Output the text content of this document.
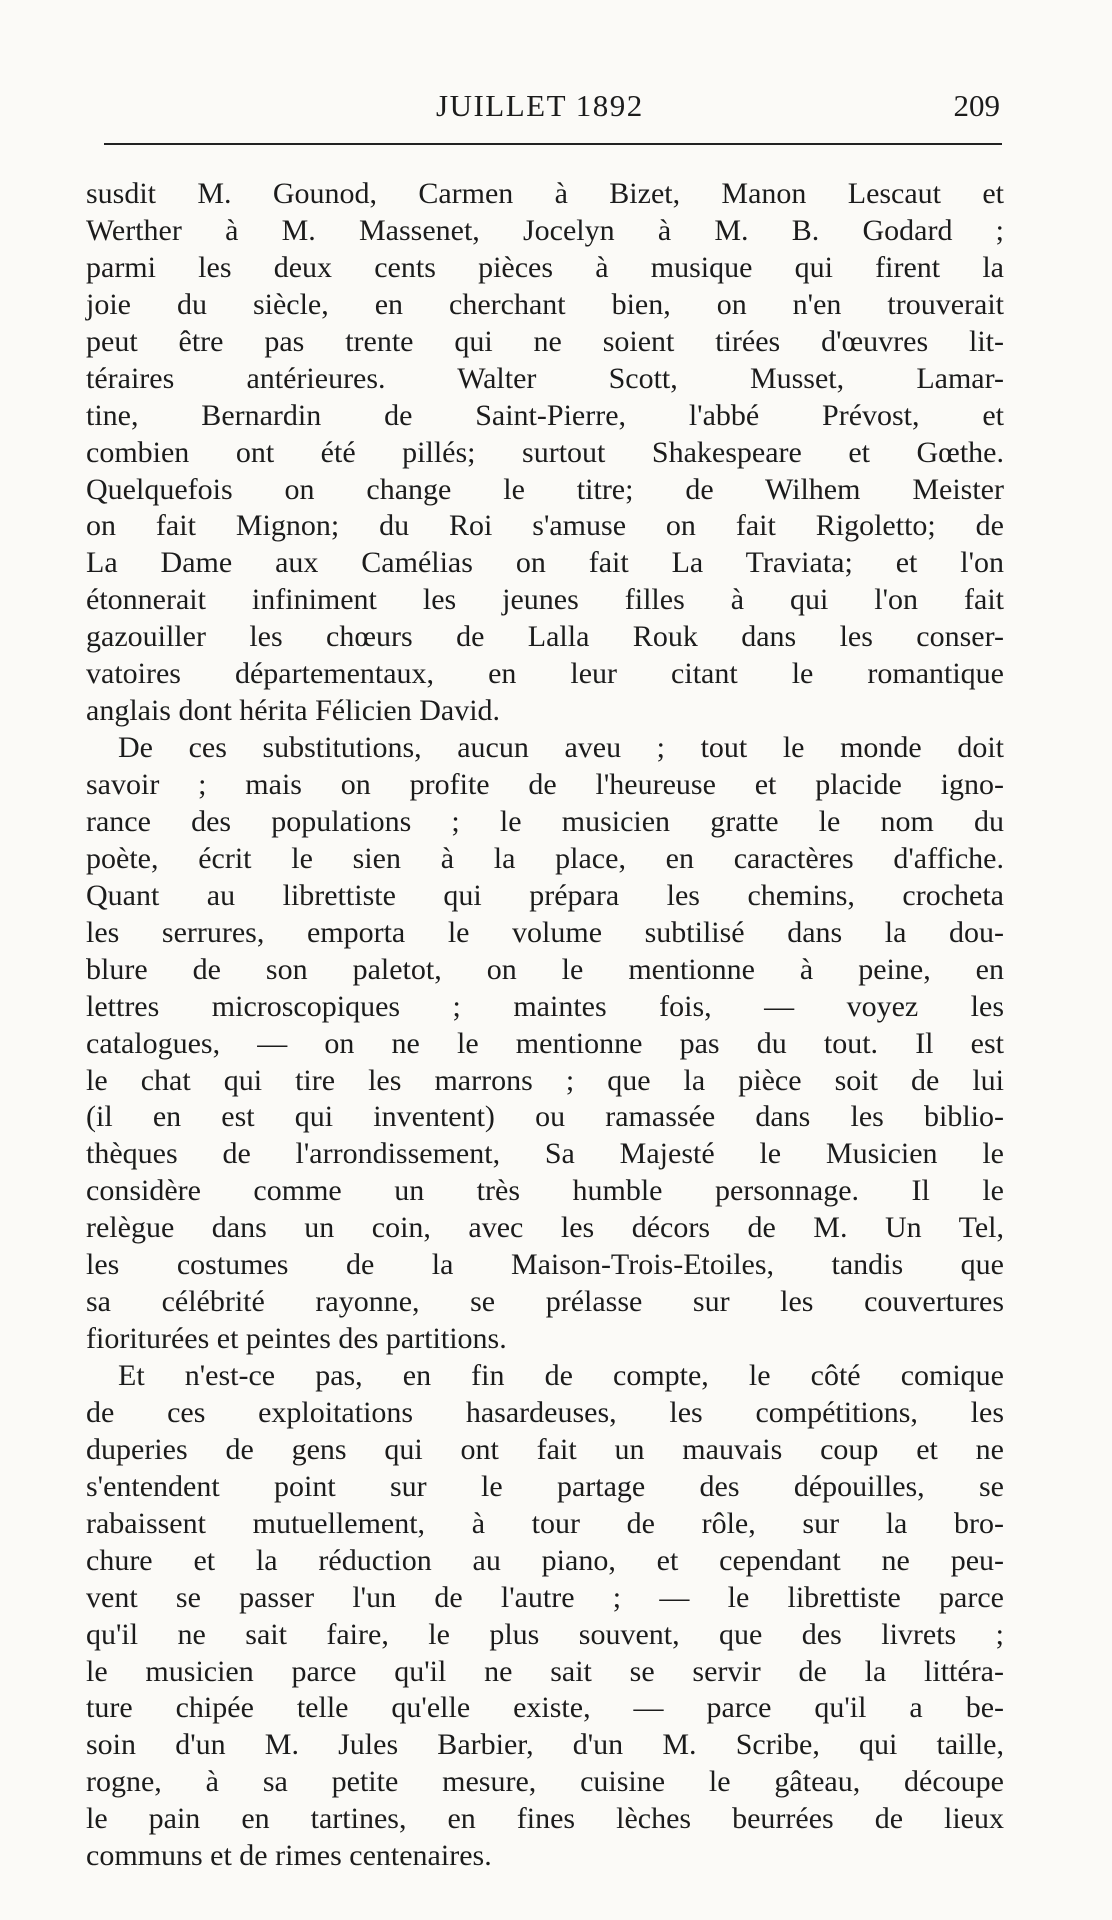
JUILLET 1892	209
susdit M. Gounod, Carmen à Bizet, Manon Lescaut et
Werther à M. Massenet, Jocelyn à M. B. Godard ;
parmi les deux cents pièces à musique qui firent la
joie du siècle, en cherchant bien, on n'en trouverait
peut être pas trente qui ne soient tirées d'œuvres lit-
téraires antérieures. Walter Scott, Musset, Lamar-
tine, Bernardin de Saint-Pierre, l'abbé Prévost, et
combien ont été pillés; surtout Shakespeare et Gœthe.
Quelquefois on change le titre; de Wilhem Meister
on fait Mignon; du Roi s'amuse on fait Rigoletto; de
La Dame aux Camélias on fait La Traviata; et l'on
étonnerait infiniment les jeunes filles à qui l'on fait
gazouiller les chœurs de Lalla Rouk dans les conser-
vatoires départementaux, en leur citant le romantique
anglais dont hérita Félicien David.
De ces substitutions, aucun aveu ; tout le monde doit
savoir ; mais on profite de l'heureuse et placide igno-
rance des populations ; le musicien gratte le nom du
poète, écrit le sien à la place, en caractères d'affiche.
Quant au librettiste qui prépara les chemins, crocheta
les serrures, emporta le volume subtilisé dans la dou-
blure de son paletot, on le mentionne à peine, en
lettres microscopiques ; maintes fois, — voyez les
catalogues, — on ne le mentionne pas du tout. Il est
le chat qui tire les marrons ; que la pièce soit de lui
(il en est qui inventent) ou ramassée dans les biblio-
thèques de l'arrondissement, Sa Majesté le Musicien le
considère comme un très humble personnage. Il le
relègue dans un coin, avec les décors de M. Un Tel,
les costumes de la Maison-Trois-Etoiles, tandis que
sa célébrité rayonne, se prélasse sur les couvertures
fioriturées et peintes des partitions.
Et n'est-ce pas, en fin de compte, le côté comique
de ces exploitations hasardeuses, les compétitions, les
duperies de gens qui ont fait un mauvais coup et ne
s'entendent point sur le partage des dépouilles, se
rabaissent mutuellement, à tour de rôle, sur la bro-
chure et la réduction au piano, et cependant ne peu-
vent se passer l'un de l'autre ; — le librettiste parce
qu'il ne sait faire, le plus souvent, que des livrets ;
le musicien parce qu'il ne sait se servir de la littéra-
ture chipée telle qu'elle existe, — parce qu'il a be-
soin d'un M. Jules Barbier, d'un M. Scribe, qui taille,
rogne, à sa petite mesure, cuisine le gâteau, découpe
le pain en tartines, en fines lèches beurrées de lieux
communs et de rimes centenaires.
